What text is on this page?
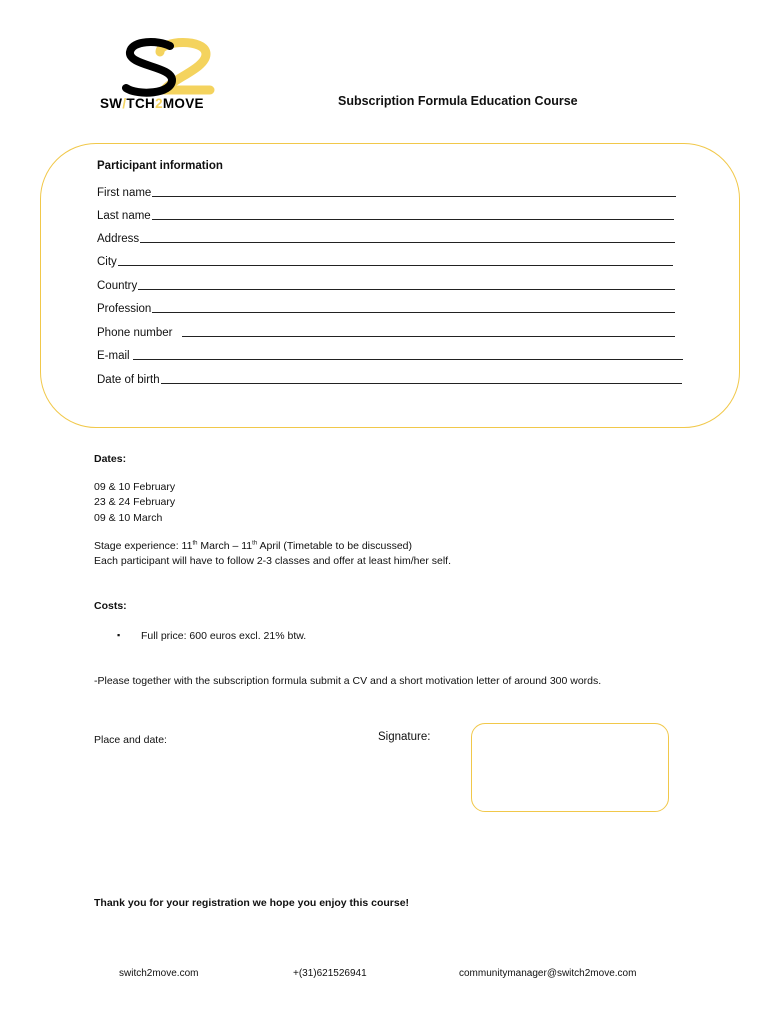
SW/TCH2MOVE	Subscription Formula Education Course
Participant information
First name
Last name
Address
City
Country
Profession
Phone number
E-mail
Date of birth
Dates:
09 & 10 February
23 & 24 February
09 & 10 March
Stage experience: 11th March – 11th April (Timetable to be discussed)
Each participant will have to follow 2-3 classes and offer at least him/her self.
Costs:
▪ Full price: 600 euros excl. 21% btw.
-Please together with the subscription formula submit a CV and a short motivation letter of around 300 words.
Place and date:	Signature:
Thank you for your registration we hope you enjoy this course!
switch2move.com	+(31)621526941	communitymanager@switch2move.com
